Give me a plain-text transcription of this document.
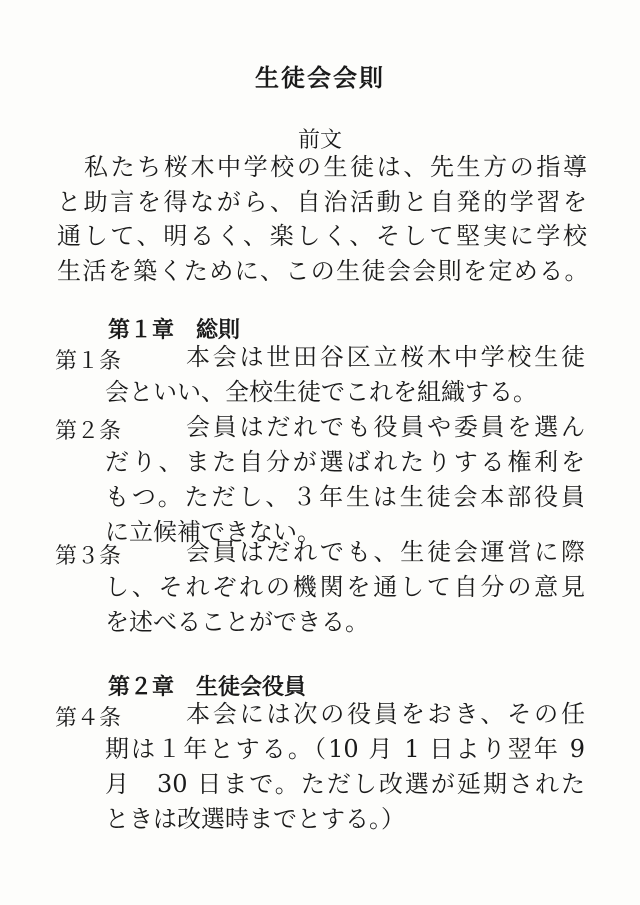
生徒会会則
前文
私たち桜木中学校の生徒は、先生方の指導
と助言を得ながら、自治活動と自発的学習を
通して、明るく、楽しく、そして堅実に学校
生活を築くために、この生徒会会則を定める。
第１章 総則
第１条	本会は世田谷区立桜木中学校生徒
会といい、全校生徒でこれを組織する。
第２条	会員はだれでも役員や委員を選ん
だり、また自分が選ばれたりする権利を
もつ。ただし、３年生は生徒会本部役員
に立候補できない。
第３条	会員はだれでも、生徒会運営に際
し、それぞれの機関を通して自分の意見
を述べることができる。
第２章 生徒会役員
第４条	本会には次の役員をおき、その任
期は１年とする。（10 月 1 日より翌年 9
月　30 日まで。ただし改選が延期された
ときは改選時までとする。）
